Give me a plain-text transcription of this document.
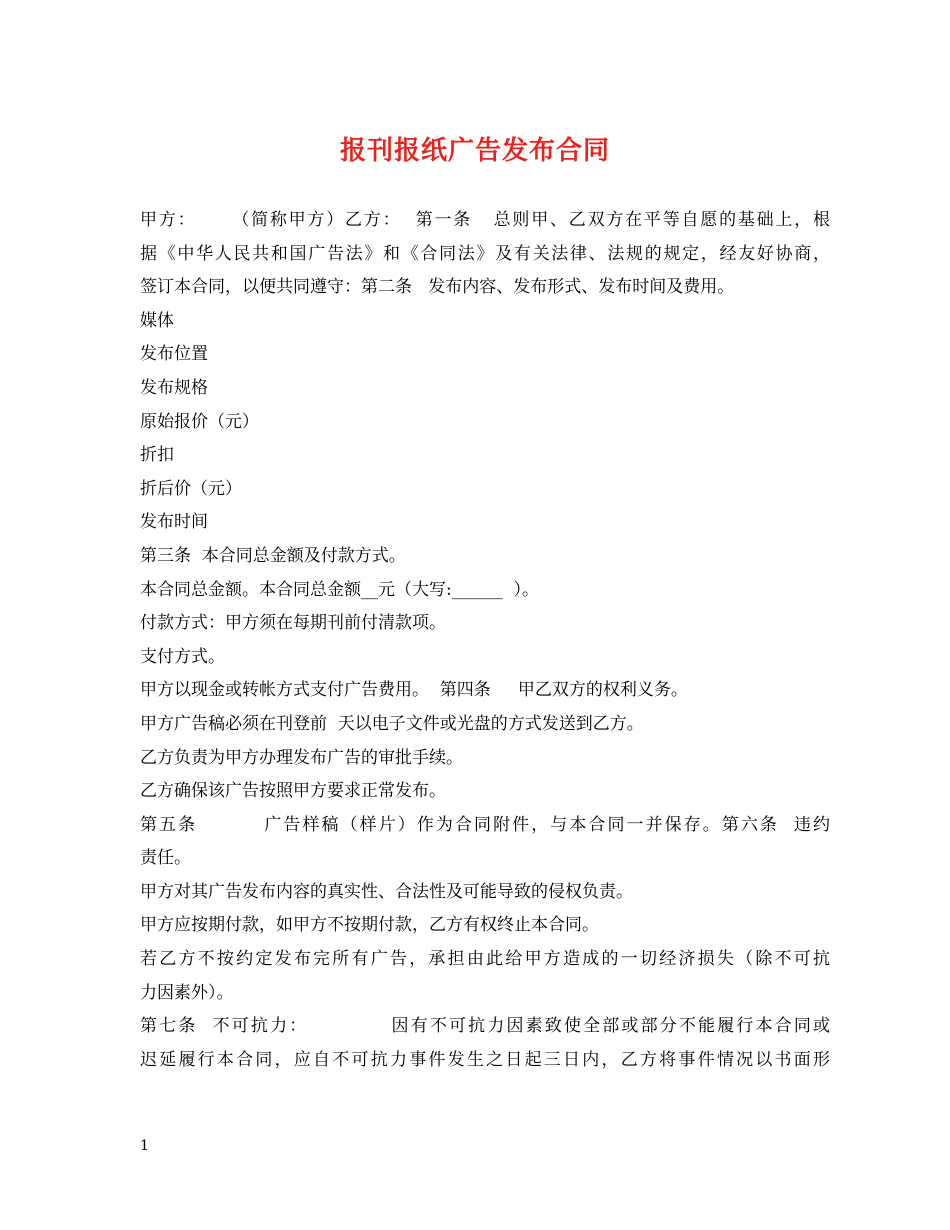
报刊报纸广告发布合同
甲方：     （简称甲方）乙方：  第一条   总则甲、乙双方在平等自愿的基础上，根
据《中华人民共和国广告法》和《合同法》及有关法律、法规的规定，经友好协商，
签订本合同，以便共同遵守：第二条   发布内容、发布形式、发布时间及费用。
媒体
发布位置
发布规格
原始报价（元）
折扣
折后价（元）
发布时间
第三条  本合同总金额及付款方式。
本合同总金额。本合同总金额__元（大写:______  ）。
付款方式：甲方须在每期刊前付清款项。
支付方式。
甲方以现金或转帐方式支付广告费用。  第四条     甲乙双方的权利义务。
甲方广告稿必须在刊登前  天以电子文件或光盘的方式发送到乙方。
乙方负责为甲方办理发布广告的审批手续。
乙方确保该广告按照甲方要求正常发布。
第五条         广告样稿（样片）作为合同附件，与本合同一并保存。第六条  违约
责任。
甲方对其广告发布内容的真实性、合法性及可能导致的侵权负责。
甲方应按期付款，如甲方不按期付款，乙方有权终止本合同。
若乙方不按约定发布完所有广告，承担由此给甲方造成的一切经济损失（除不可抗
力因素外）。
第七条  不可抗力：           因有不可抗力因素致使全部或部分不能履行本合同或
迟延履行本合同，应自不可抗力事件发生之日起三日内，乙方将事件情况以书面形
1
